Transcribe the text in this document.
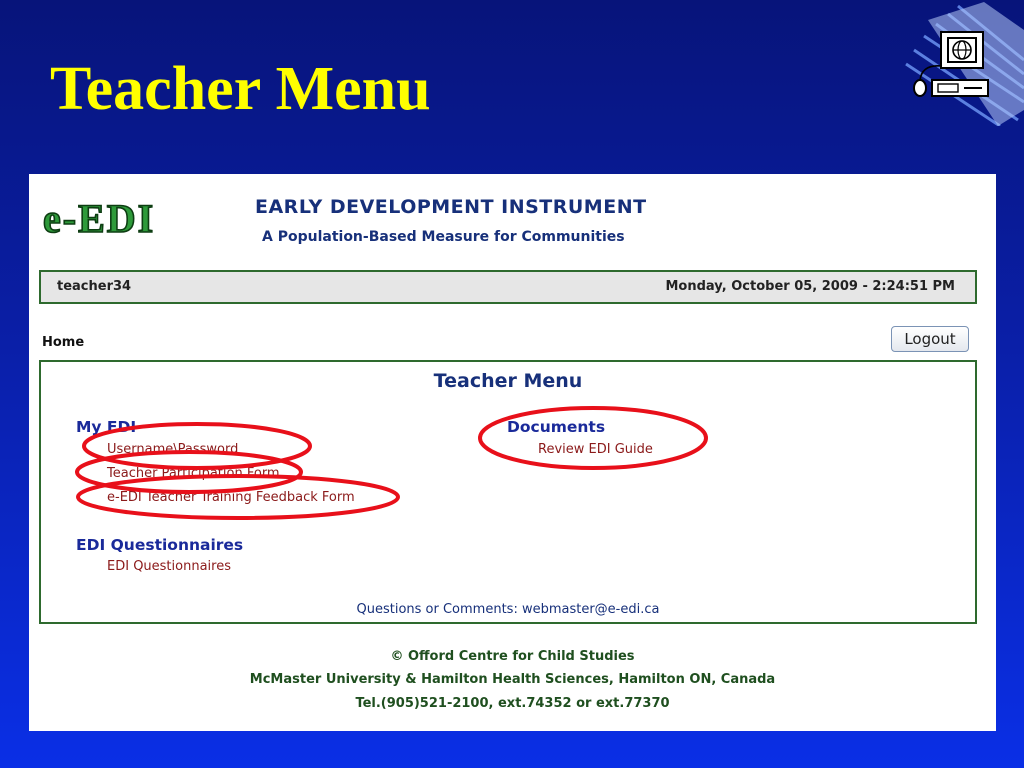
Teacher Menu
e-EDI	EARLY DEVELOPMENT INSTRUMENT
A Population-Based Measure for Communities
teacher34	Monday, October 05, 2009 - 2:24:51 PM
Home	Logout
Teacher Menu
My EDI
Username\Password
Teacher Participation Form
e-EDI Teacher Training Feedback Form
Documents
Review EDI Guide
EDI Questionnaires
EDI Questionnaires
Questions or Comments: webmaster@e-edi.ca

© Offord Centre for Child Studies

McMaster University & Hamilton Health Sciences, Hamilton ON, Canada

Tel.(905)521-2100, ext.74352 or ext.77370
